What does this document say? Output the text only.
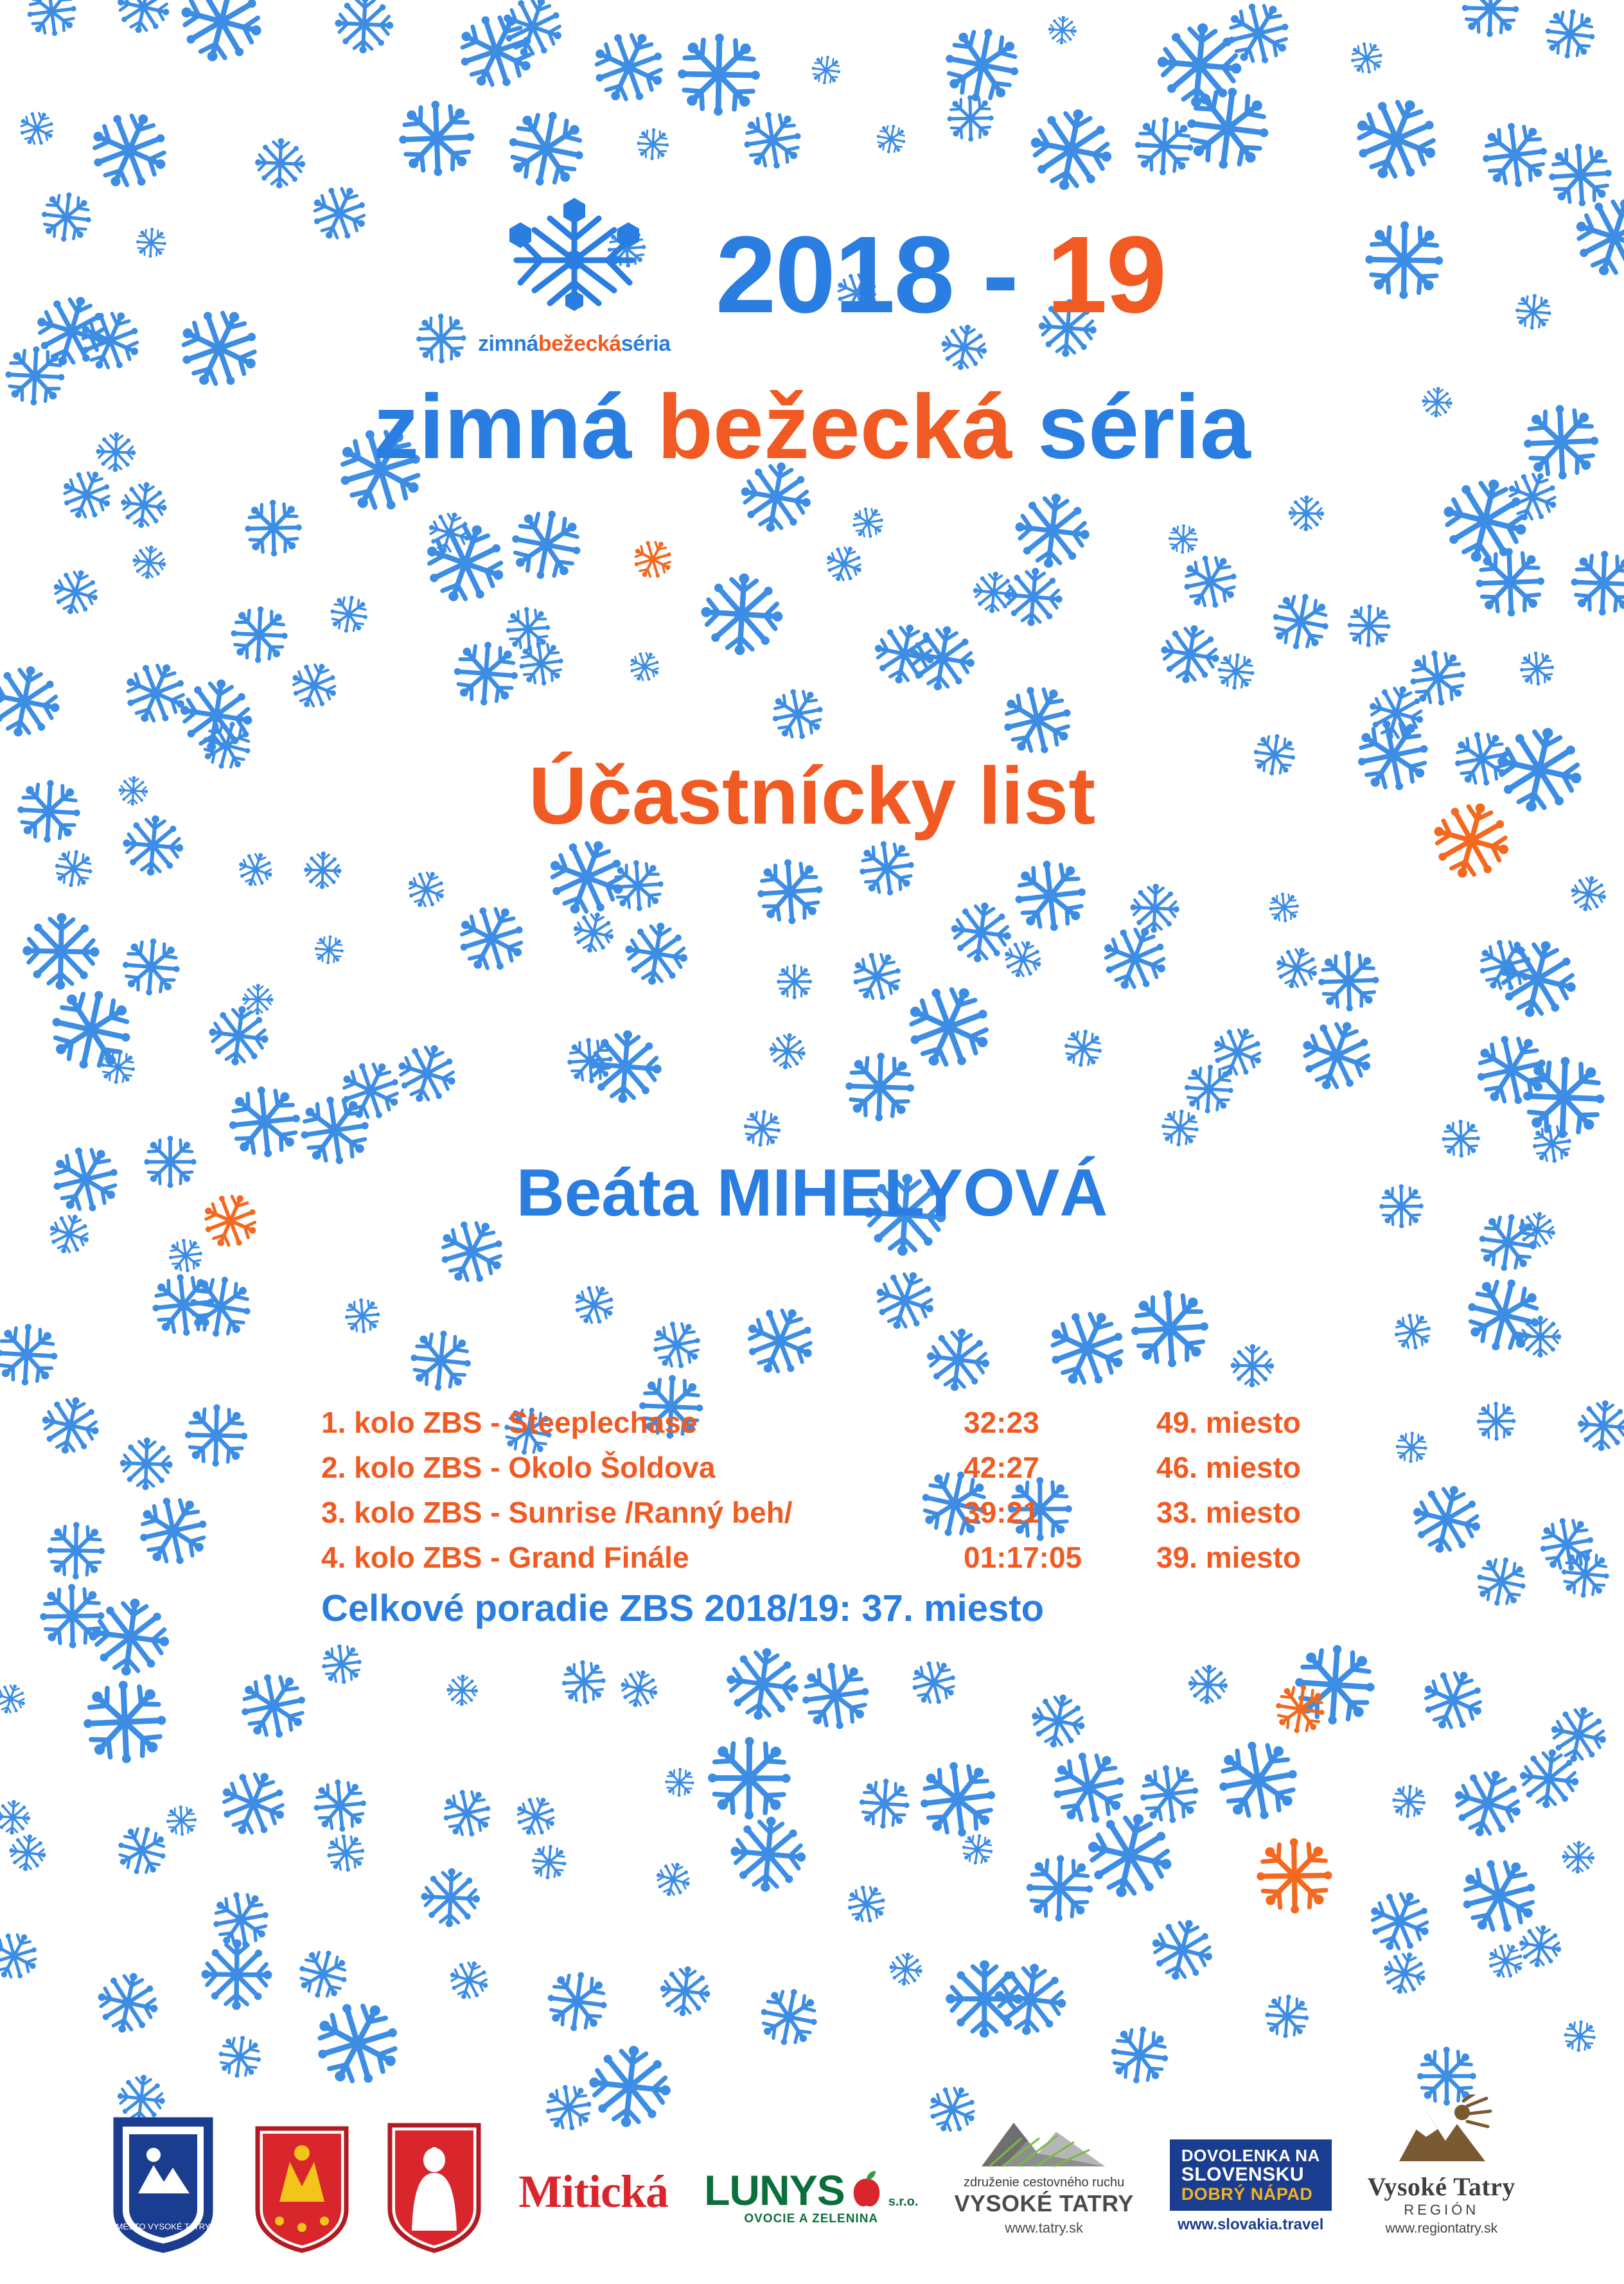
zimnábežeckáséria
2018 - 19
zimná bežecká séria
Účastnícky list
Beáta MIHELYOVÁ
1. kolo ZBS - Steeplechase	32:23	49. miesto
2. kolo ZBS - Okolo Šoldova	42:27	46. miesto
3. kolo ZBS - Sunrise /Ranný beh/	39:21	33. miesto
4. kolo ZBS - Grand Finále	01:17:05	39. miesto
Celkové poradie ZBS 2018/19: 37. miesto
MESTO VYSOKÉ TATRY
Mitická LUNYS	s.r.o.
OVOCIE A ZELENINA
združenie cestovného ruchu
VYSOKÉ TATRY
www.tatry.sk
DOVOLENKA NA
SLOVENSKU
DOBRÝ NÁPAD
www.slovakia.travel
Vysoké Tatry
REGIÓN
www.regiontatry.sk
